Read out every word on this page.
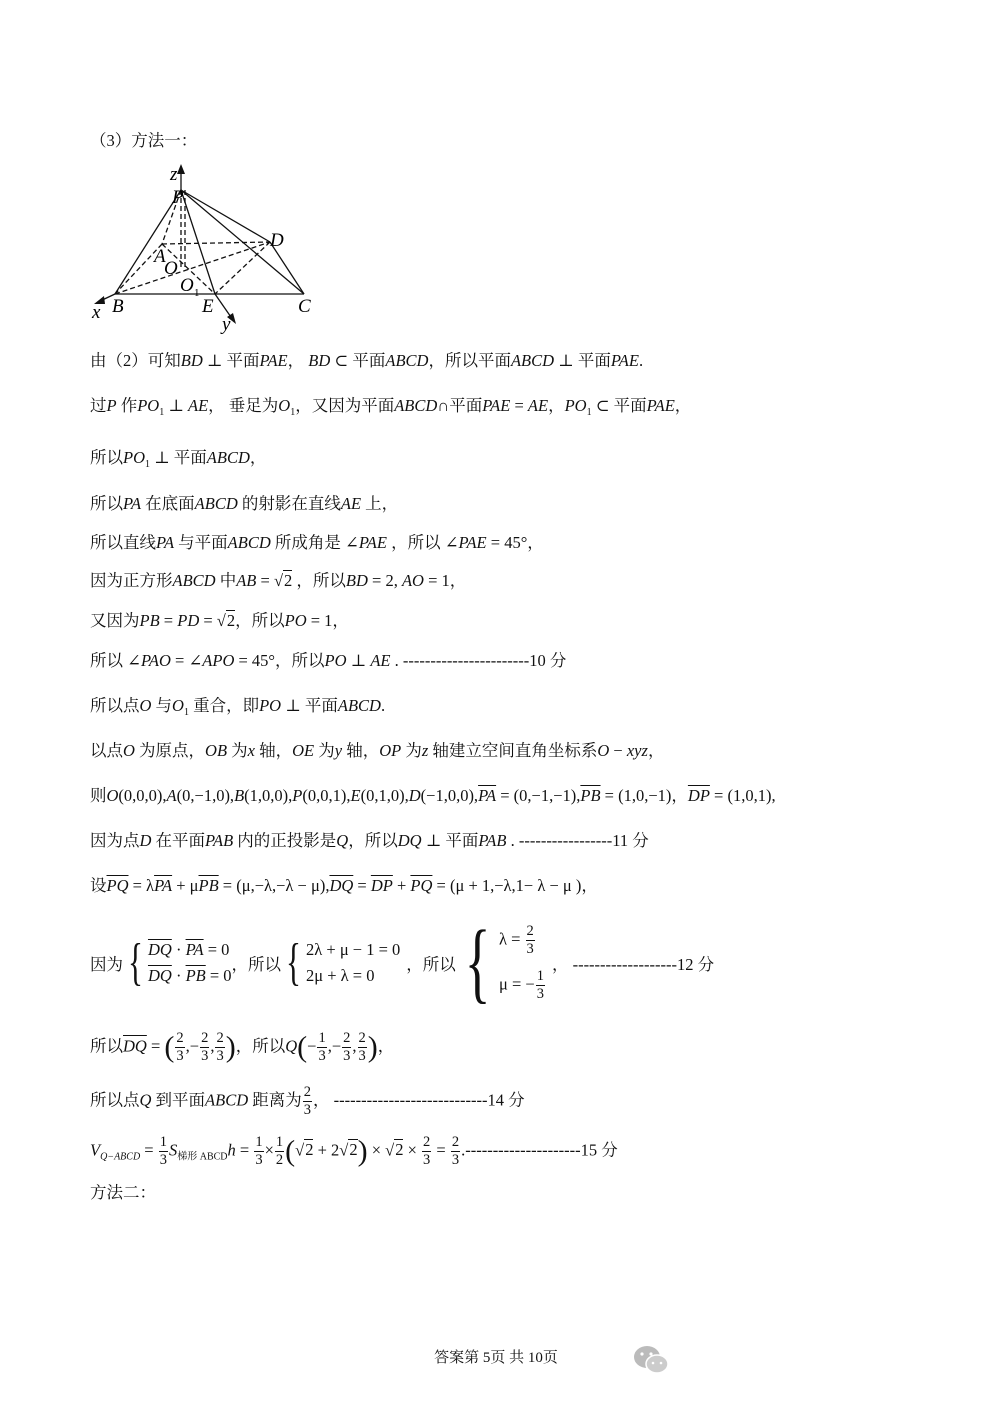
（3）方法一：
z
P
D
A
O
O 1
x B	E
y
C
由（2）可知BD ⊥ 平面PAE， BD ⊂ 平面ABCD，所以平面ABCD ⊥ 平面PAE.
过P 作$PO_1$ ⊥ AE， 垂足为$O_1$，又因为平面ABCD∩平面PAE = AE，$PO_1$ ⊂ 平面PAE，
所以$PO_1$ ⊥ 平面ABCD，
所以PA 在底面ABCD 的射影在直线AE 上，
所以直线PA 与平面ABCD 所成角是 ∠PAE ，所以 ∠PAE = 45°，
因为正方形ABCD 中AB = √2 ，所以BD = 2, AO = 1，
又因为PB = PD = √2，所以PO = 1，
所以 ∠PAO = ∠APO = 45°，所以PO ⊥ AE . -----------------------10 分
所以点O 与$O_1$ 重合，即PO ⊥ 平面ABCD.
以点O 为原点，OB 为x 轴，OE 为y 轴，OP 为z 轴建立空间直角坐标系O − xyz，
则$O(0,0,0),A(0,-1,0),B(1,0,0),P(0,0,1),E(0,1,0),D(-1,0,0),\overline{PA} = (0,-1,-1),\overline{PB} = (1,0,-1)$，$\overline{DP} = (1,0,1)$,
因为点D 在平面PAB 内的正投影是Q，所以DQ ⊥ 平面PAB . -----------------11 分
设$\overline{PQ} = \lambda\overline{PA} + \mu\overline{PB} = (\mu,-\lambda,-\lambda - \mu),\overline{DQ} = \overline{DP} + \overline{PQ} = (\mu + 1,-\lambda,1- \lambda - \mu$ )，
因为 { $\overline{DQ} \cdot \overline{PA} = 0$
$\overline{DQ} \cdot \overline{PB} = 0$
，所以 { 2λ + μ − 1 = 0
2μ + λ = 0
，所以 { $\lambda = \frac{2}{3}$
μ = − $\frac{1}{3}$
， -------------------12 分
所以$\overline{DQ}$ = ( $\frac{2}{3}$ ,− $\frac{2}{3}$ , $\frac{2}{3}$ )，所以$Q(- \frac{1}{3}$ ,− $\frac{2}{3}$ , $\frac{2}{3}$ )，
所以点Q 到平面ABCD 距离为 $\frac{2}{3}$ ， ----------------------------14 分
$V_{Q-ABCD} = \frac{1}{3} S_{梯形 ABCD}h = \frac{1}{3} \times \frac{1}{2} (√2 + 2√2) \times √2 \times \frac{2}{3} = \frac{2}{3} .---------------------15$ 分
方法二：
答案第 5页 共 10页
